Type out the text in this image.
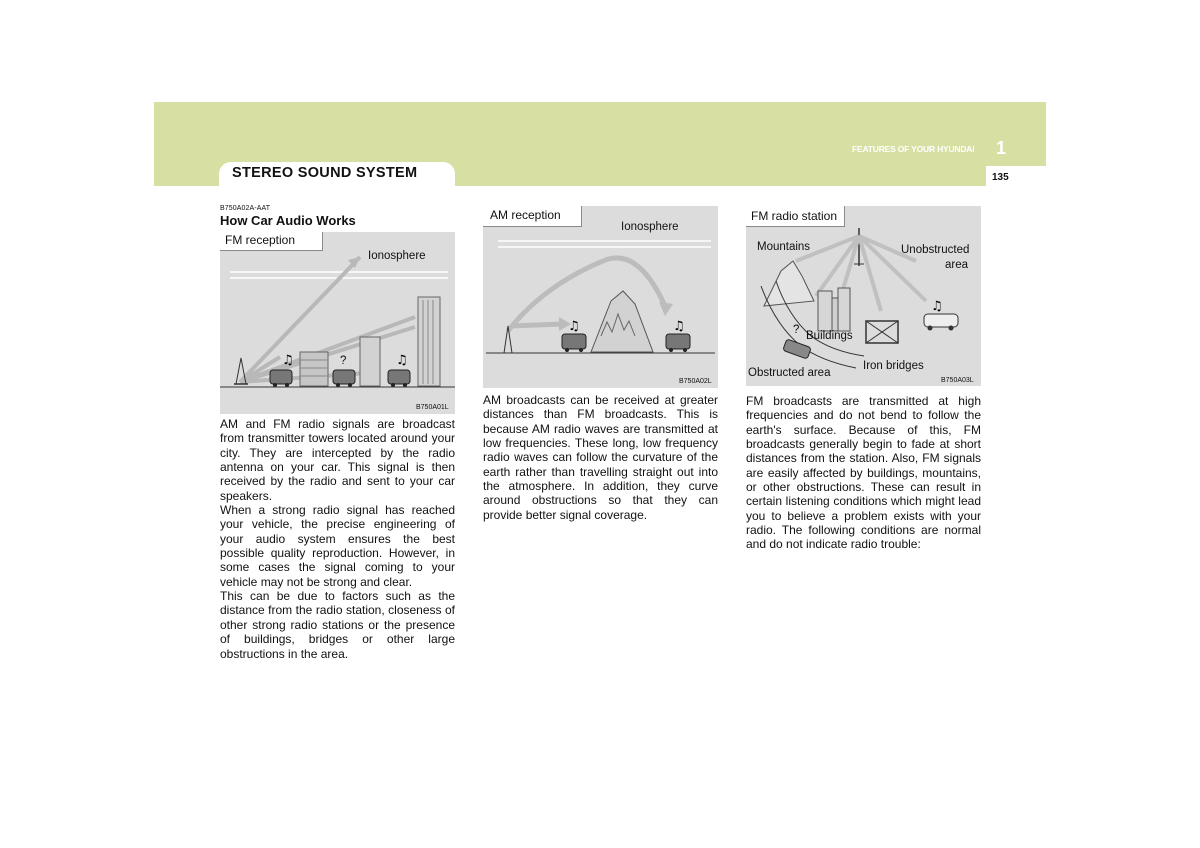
STEREO SOUND SYSTEM
FEATURES OF YOUR HYUNDAI 1
135
B750A02A-AAT
How Car Audio Works
♫	♫
FM reception
Ionosphere
?
B750A01L
♫	♫
AM reception
Ionosphere
B750A02L
♫
FM radio station
Mountains	Unobstructed
area
? Buildings
Iron bridges
Obstructed area
B750A03L

AM and FM radio signals are broadcast from transmitter towers located around your city. They are intercepted by the radio antenna on your car. This signal is then received by the radio and sent to your car speakers.

When a strong radio signal has reached your vehicle, the precise engineering of your audio system ensures the best possible quality reproduction. However, in some cases the signal coming to your vehicle may not be strong and clear.

This can be due to factors such as the distance from the radio station, closeness of other strong radio stations or the presence of buildings, bridges or other large obstructions in the area.

AM broadcasts can be received at greater distances than FM broadcasts. This is because AM radio waves are transmitted at low frequencies. These long, low frequency radio waves can follow the curvature of the earth rather than travelling straight out into the atmosphere. In addition, they curve around obstructions so that they can provide better signal coverage.

FM broadcasts are transmitted at high frequencies and do not bend to follow the earth's surface. Because of this, FM broadcasts generally begin to fade at short distances from the station. Also, FM signals are easily affected by buildings, mountains, or other obstructions. These can result in certain listening conditions which might lead you to believe a problem exists with your radio. The following conditions are normal and do not indicate radio trouble:
